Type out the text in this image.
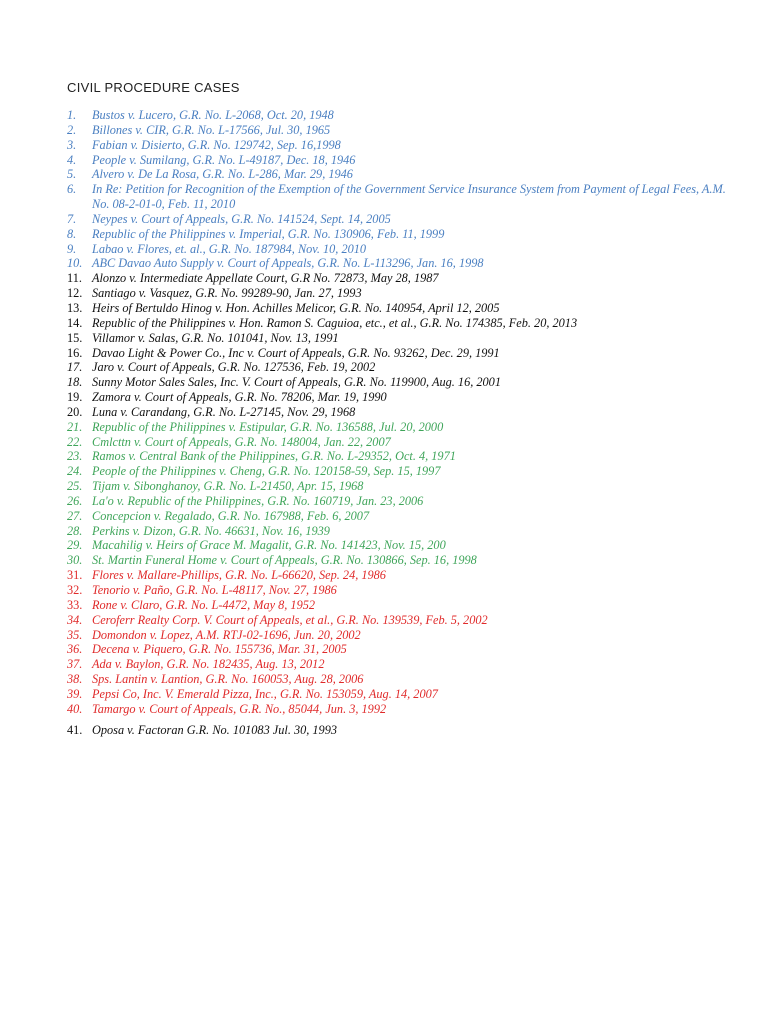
CIVIL PROCEDURE CASES
1.	Bustos v. Lucero, G.R. No. L-2068, Oct. 20, 1948
2.	Billones v. CIR, G.R. No. L-17566, Jul. 30, 1965
3.	Fabian v. Disierto, G.R. No. 129742, Sep. 16,1998
4.	People v. Sumilang, G.R. No. L-49187, Dec. 18, 1946
5.	Alvero v. De La Rosa, G.R. No. L-286, Mar. 29, 1946
6.	In Re: Petition for Recognition of the Exemption of the Government Service Insurance System from Payment of Legal Fees, A.M. No. 08-2-01-0, Feb. 11, 2010
7.	Neypes v. Court of Appeals, G.R. No. 141524, Sept. 14, 2005
8.	Republic of the Philippines v. Imperial, G.R. No. 130906, Feb. 11, 1999
9.	Labao v. Flores, et. al., G.R. No. 187984, Nov. 10, 2010
10. ABC Davao Auto Supply v. Court of Appeals, G.R. No. L-113296, Jan. 16, 1998
11. Alonzo v. Intermediate Appellate Court, G.R No. 72873, May 28, 1987
12. Santiago v. Vasquez, G.R. No. 99289-90, Jan. 27, 1993
13. Heirs of Bertuldo Hinog v. Hon. Achilles Melicor, G.R. No. 140954, April 12, 2005
14. Republic of the Philippines v. Hon. Ramon S. Caguioa, etc., et al., G.R. No. 174385, Feb. 20, 2013
15. Villamor v. Salas, G.R. No. 101041, Nov. 13, 1991
16. Davao Light & Power Co., Inc v. Court of Appeals, G.R. No. 93262, Dec. 29, 1991
17. Jaro v. Court of Appeals, G.R. No. 127536, Feb. 19, 2002
18. Sunny Motor Sales Sales, Inc. V. Court of Appeals, G.R. No. 119900, Aug. 16, 2001
19. Zamora v. Court of Appeals, G.R. No. 78206, Mar. 19, 1990
20. Luna v. Carandang, G.R. No. L-27145, Nov. 29, 1968
21. Republic of the Philippines v. Estipular, G.R. No. 136588, Jul. 20, 2000
22. Cmlcttn v. Court of Appeals, G.R. No. 148004, Jan. 22, 2007
23. Ramos v. Central Bank of the Philippines, G.R. No. L-29352, Oct. 4, 1971
24. People of the Philippines v. Cheng, G.R. No. 120158-59, Sep. 15, 1997
25. Tijam v. Sibonghanoy, G.R. No. L-21450, Apr. 15, 1968
26. La'o v. Republic of the Philippines, G.R. No. 160719, Jan. 23, 2006
27. Concepcion v. Regalado, G.R. No. 167988, Feb. 6, 2007
28. Perkins v. Dizon, G.R. No. 46631, Nov. 16, 1939
29. Macahilig v. Heirs of Grace M. Magalit, G.R. No. 141423, Nov. 15, 200
30. St. Martin Funeral Home v. Court of Appeals, G.R. No. 130866, Sep. 16, 1998
31. Flores v. Mallare-Phillips, G.R. No. L-66620, Sep. 24, 1986
32. Tenorio v. Paño, G.R. No. L-48117, Nov. 27, 1986
33. Rone v. Claro, G.R. No. L-4472, May 8, 1952
34. Ceroferr Realty Corp. V. Court of Appeals, et al., G.R. No. 139539, Feb. 5, 2002
35. Domondon v. Lopez, A.M. RTJ-02-1696, Jun. 20, 2002
36. Decena v. Piquero, G.R. No. 155736, Mar. 31, 2005
37. Ada v. Baylon, G.R. No. 182435, Aug. 13, 2012
38. Sps. Lantin v. Lantion, G.R. No. 160053, Aug. 28, 2006
39. Pepsi Co, Inc. V. Emerald Pizza, Inc., G.R. No. 153059, Aug. 14, 2007
40. Tamargo v. Court of Appeals, G.R. No., 85044, Jun. 3, 1992
41. Oposa v. Factoran G.R. No. 101083 Jul. 30, 1993
